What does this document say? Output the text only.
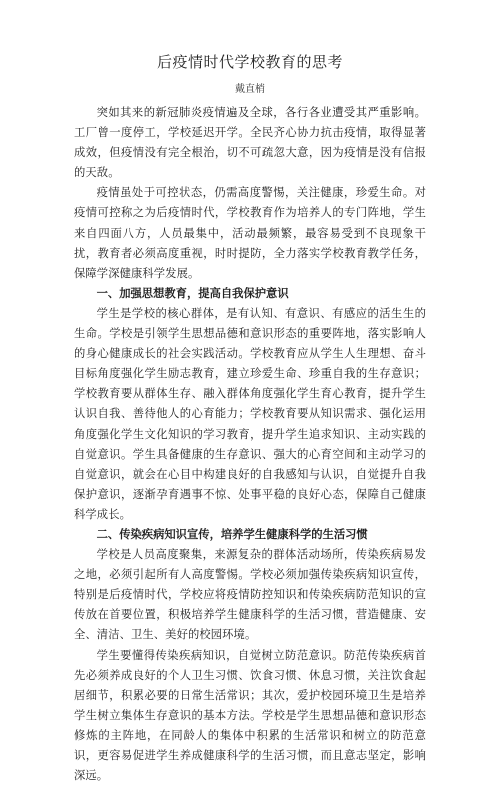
后疫情时代学校教育的思考
戴直梢

突如其来的新冠肺炎疫情遍及全球，各行各业遭受其严重影响。工厂曾一度停工，学校延迟开学。全民齐心协力抗击疫情，取得显著成效，但疫情没有完全根治，切不可疏忽大意，因为疫情是没有信报的天敌。

疫情虽处于可控状态，仍需高度警惕，关注健康，珍爱生命。对疫情可控称之为后疫情时代，学校教育作为培养人的专门阵地，学生来自四面八方，人员最集中，活动最频繁，最容易受到不良现象干扰，教育者必须高度重视，时时提防，全力落实学校教育教学任务，保障学深健康科学发展。

一、加强思想教育，提高自我保护意识

学生是学校的核心群体，是有认知、有意识、有感应的活生生的生命。学校是引领学生思想品德和意识形态的重要阵地，落实影响人的身心健康成长的社会实践活动。学校教育应从学生人生理想、奋斗目标角度强化学生励志教育，建立珍爱生命、珍重自我的生存意识；学校教育要从群体生存、融入群体角度强化学生育心教育，提升学生认识自我、善待他人的心育能力；学校教育要从知识需求、强化运用角度强化学生文化知识的学习教育，提升学生追求知识、主动实践的自觉意识。学生具备健康的生存意识、强大的心育空间和主动学习的自觉意识，就会在心目中构建良好的自我感知与认识，自觉提升自我保护意识，逐渐孕育遇事不惊、处事平稳的良好心态，保障自己健康科学成长。

二、传染疾病知识宣传，培养学生健康科学的生活习惯

学校是人员高度聚集，来源复杂的群体活动场所，传染疾病易发之地，必须引起所有人高度警惕。学校必须加强传染疾病知识宣传，特别是后疫情时代，学校应将疫情防控知识和传染疾病防范知识的宣传放在首要位置，积极培养学生健康科学的生活习惯，营造健康、安全、清洁、卫生、美好的校园环境。

学生要懂得传染疾病知识，自觉树立防范意识。防范传染疾病首先必须养成良好的个人卫生习惯、饮食习惯、休息习惯，关注饮食起居细节，积累必要的日常生活常识；其次，爱护校园环境卫生是培养学生树立集体生存意识的基本方法。学校是学生思想品德和意识形态修炼的主阵地，在同龄人的集体中积累的生活常识和树立的防范意识，更容易促进学生养成健康科学的生活习惯，而且意志坚定，影响深远。
